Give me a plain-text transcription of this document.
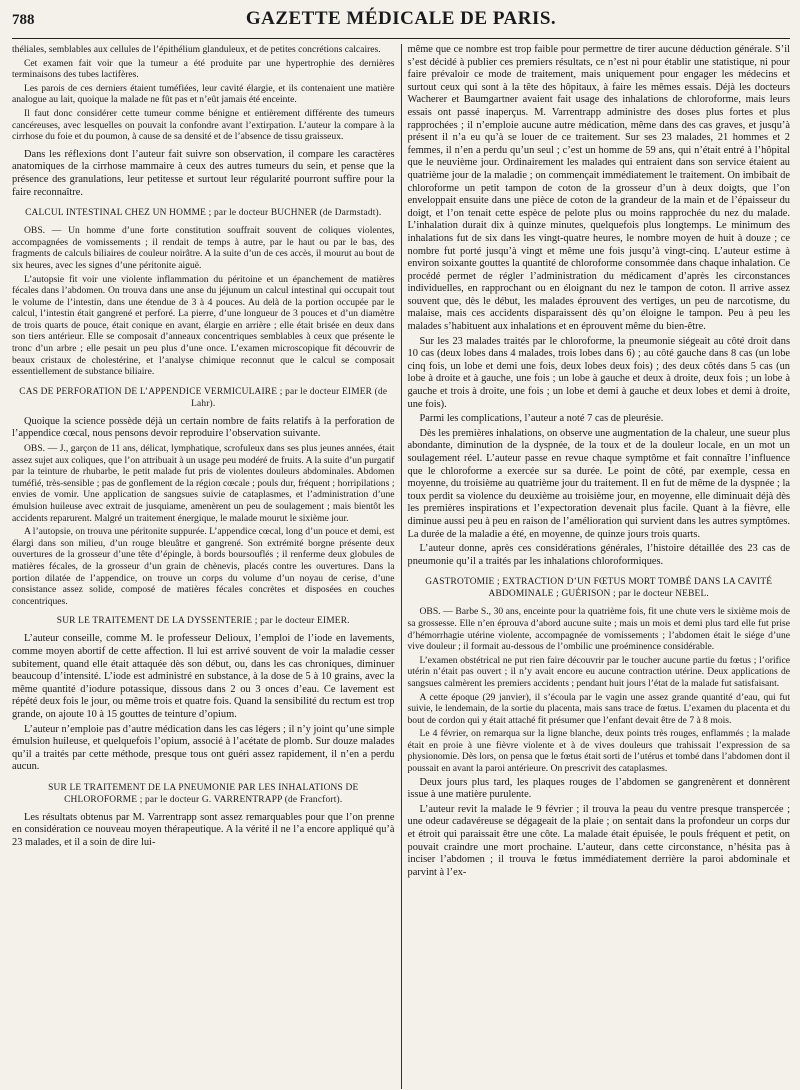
788	GAZETTE MÉDICALE DE PARIS.

théliales, semblables aux cellules de l’épithélium glanduleux, et de petites concrétions calcaires.

Cet examen fait voir que la tumeur a été produite par une hypertrophie des dernières terminaisons des tubes lactifères.

Les parois de ces derniers étaient tuméfiées, leur cavité élargie, et ils contenaient une matière analogue au lait, quoique la malade ne fût pas et n’eût jamais été enceinte.

Il faut donc considérer cette tumeur comme bénigne et entièrement différente des tumeurs cancéreuses, avec lesquelles on pouvait la confondre avant l’extirpation. L’auteur la compare à la cirrhose du foie et du poumon, à cause de sa densité et de l’absence de tissu graisseux.

Dans les réflexions dont l’auteur fait suivre son observation, il compare les caractères anatomiques de la cirrhose mammaire à ceux des autres tumeurs du sein, et pense que la présence des granulations, leur petitesse et surtout leur régularité pourront suffire pour la faire reconnaître.

CALCUL INTESTINAL CHEZ UN HOMME ; par le docteur BUCHNER (de Darmstadt).

OBS. — Un homme d’une forte constitution souffrait souvent de coliques violentes, accompagnées de vomissements ; il rendait de temps à autre, par le haut ou par le bas, des fragments de calculs biliaires de couleur noirâtre. A la suite d’un de ces accès, il mourut au bout de six heures, avec les signes d’une péritonite aiguë.

L’autopsie fit voir une violente inflammation du péritoine et un épanchement de matières fécales dans l’abdomen. On trouva dans une anse du jéjunum un calcul intestinal qui occupait tout le volume de l’intestin, dans une étendue de 3 à 4 pouces. Au delà de la portion occupée par le calcul, l’intestin était gangrené et perforé. La pierre, d’une longueur de 3 pouces et d’un diamètre de trois quarts de pouce, était conique en avant, élargie en arrière ; elle était brisée en deux dans son tiers antérieur. Elle se composait d’anneaux concentriques semblables à ceux que présente le tronc d’un arbre ; elle pesait un peu plus d’une once. L’examen microscopique fit découvrir de beaux cristaux de cholestérine, et l’analyse chimique reconnut que le calcul se composait essentiellement de substance biliaire.

CAS DE PERFORATION DE L’APPENDICE VERMICULAIRE ; par le docteur EIMER (de Lahr).

Quoique la science possède déjà un certain nombre de faits relatifs à la perforation de l’appendice cœcal, nous pensons devoir reproduire l’observation suivante.

OBS. — J., garçon de 11 ans, délicat, lymphatique, scrofuleux dans ses plus jeunes années, était assez sujet aux coliques, que l’on attribuait à un usage peu modéré de fruits. A la suite d’un purgatif par la teinture de rhubarbe, le petit malade fut pris de violentes douleurs abdominales. Abdomen tuméfié, très-sensible ; pas de gonflement de la région cœcale ; pouls dur, fréquent ; horripilations ; envies de vomir. Une application de sangsues suivie de cataplasmes, et l’administration d’une émulsion huileuse avec extrait de jusquiame, amenèrent un peu de soulagement ; mais bientôt les accidents reparurent. Malgré un traitement énergique, le malade mourut le sixième jour.

A l’autopsie, on trouva une péritonite suppurée. L’appendice cœcal, long d’un pouce et demi, est élargi dans son milieu, d’un rouge bleuâtre et gangrené. Son extrémité borgne présente deux ouvertures de la grosseur d’une tête d’épingle, à bords boursouflés ; il renferme deux globules de matières fécales, de la grosseur d’un grain de chènevis, placés contre les ouvertures. Dans la portion dilatée de l’appendice, on trouve un corps du volume d’un noyau de cerise, d’une consistance assez solide, composé de matières fécales concrètes et disposées en couches concentriques.

SUR LE TRAITEMENT DE LA DYSSENTERIE ; par le docteur EIMER.

L’auteur conseille, comme M. le professeur Delioux, l’emploi de l’iode en lavements, comme moyen abortif de cette affection. Il lui est arrivé souvent de voir la maladie cesser subitement, quand elle était attaquée dès son début, ou, dans les cas chroniques, diminuer beaucoup d’intensité. L’iode est administré en substance, à la dose de 5 à 10 grains, avec la même quantité d’iodure potassique, dissous dans 2 ou 3 onces d’eau. Ce lavement est répété deux fois le jour, ou même trois et quatre fois. Quand la sensibilité du rectum est trop grande, on ajoute 10 à 15 gouttes de teinture d’opium.

L’auteur n’emploie pas d’autre médication dans les cas légers ; il n’y joint qu’une simple émulsion huileuse, et quelquefois l’opium, associé à l’acétate de plomb. Sur douze malades qu’il a traités par cette méthode, presque tous ont guéri assez rapidement, il n’en a perdu aucun.

SUR LE TRAITEMENT DE LA PNEUMONIE PAR LES INHALATIONS DE CHLOROFORME ; par le docteur G. VARRENTRAPP (de Francfort).

Les résultats obtenus par M. Varrentrapp sont assez remarquables pour que l’on prenne en considération ce nouveau moyen thérapeutique. A la vérité il ne l’a encore appliqué qu’à 23 malades, et il a soin de dire lui-

même que ce nombre est trop faible pour permettre de tirer aucune déduction générale. S’il s’est décidé à publier ces premiers résultats, ce n’est ni pour établir une statistique, ni pour faire prévaloir ce mode de traitement, mais uniquement pour engager les médecins et surtout ceux qui sont à la tête des hôpitaux, à faire les mêmes essais. Déjà les docteurs Wacherer et Baumgartner avaient fait usage des inhalations de chloroforme, mais leurs essais ont passé inaperçus. M. Varrentrapp administre des doses plus fortes et plus rapprochées ; il n’emploie aucune autre médication, même dans des cas graves, et jusqu’à présent il n’a eu qu’à se louer de ce traitement. Sur ses 23 malades, 21 hommes et 2 femmes, il n’en a perdu qu’un seul ; c’est un homme de 59 ans, qui n’était entré à l’hôpital que le neuvième jour. Ordinairement les malades qui entraient dans son service étaient au quatrième jour de la maladie ; on commençait immédiatement le traitement. On imbibait de chloroforme un petit tampon de coton de la grosseur d’un à deux doigts, que l’on enveloppait ensuite dans une pièce de coton de la grandeur de la main et de l’épaisseur du doigt, et l’on tenait cette espèce de pelote plus ou moins rapprochée du nez du malade. L’inhalation durait dix à quinze minutes, quelquefois plus longtemps. Le minimum des inhalations fut de six dans les vingt-quatre heures, le nombre moyen de huit à douze ; ce nombre fut porté jusqu’à vingt et même une fois jusqu’à vingt-cinq. L’auteur estime à environ soixante gouttes la quantité de chloroforme consommée dans chaque inhalation. Ce procédé permet de régler l’administration du médicament d’après les circonstances individuelles, en rapprochant ou en éloignant du nez le tampon de coton. Il arrive assez souvent que, dès le début, les malades éprouvent des vertiges, un peu de narcotisme, du malaise, mais ces accidents disparaissent dès qu’on éloigne le tampon. Peu à peu les malades s’habituent aux inhalations et en éprouvent même du bien-être.

Sur les 23 malades traités par le chloroforme, la pneumonie siégeait au côté droit dans 10 cas (deux lobes dans 4 malades, trois lobes dans 6) ; au côté gauche dans 8 cas (un lobe cinq fois, un lobe et demi une fois, deux lobes deux fois) ; des deux côtés dans 5 cas (un lobe à droite et à gauche, une fois ; un lobe à gauche et deux à droite, deux fois ; un lobe à gauche et trois à droite, une fois ; un lobe et demi à gauche et deux lobes et demi à droite, une fois).

Parmi les complications, l’auteur a noté 7 cas de pleurésie.

Dès les premières inhalations, on observe une augmentation de la chaleur, une sueur plus abondante, diminution de la dyspnée, de la toux et de la douleur locale, en un mot un soulagement réel. L’auteur passe en revue chaque symptôme et fait connaître l’influence que le chloroforme a exercée sur sa durée. Le point de côté, par exemple, cessa en moyenne, du troisième au quatrième jour du traitement. Il en fut de même de la dyspnée ; la toux perdit sa violence du deuxième au troisième jour, en moyenne, elle diminuait déjà dès les premières inspirations et l’expectoration devenait plus facile. Quant à la fièvre, elle diminue aussi peu à peu en raison de l’amélioration qui survient dans les autres symptômes. La durée de la maladie a été, en moyenne, de quinze jours trois quarts.

L’auteur donne, après ces considérations générales, l’histoire détaillée des 23 cas de pneumonie qu’il a traités par les inhalations chloroformiques.

GASTROTOMIE ; EXTRACTION D’UN FŒTUS MORT TOMBÉ DANS LA CAVITÉ ABDOMINALE ; GUÉRISON ; par le docteur NEBEL.

OBS. — Barbe S., 30 ans, enceinte pour la quatrième fois, fit une chute vers le sixième mois de sa grossesse. Elle n’en éprouva d’abord aucune suite ; mais un mois et demi plus tard elle fut prise d’hémorrhagie utérine violente, accompagnée de vomissements ; l’abdomen était le siége d’une vive douleur ; il formait au-dessous de l’ombilic une proéminence considérable.

L’examen obstétrical ne put rien faire découvrir par le toucher aucune partie du fœtus ; l’orifice utérin n’était pas ouvert ; il n’y avait encore eu aucune contraction utérine. Deux applications de sangsues calmèrent les premiers accidents ; pendant huit jours l’état de la malade fut satisfaisant.

A cette époque (29 janvier), il s’écoula par le vagin une assez grande quantité d’eau, qui fut suivie, le lendemain, de la sortie du placenta, mais sans trace de fœtus. L’examen du placenta et du bout de cordon qui y était attaché fit présumer que l’enfant devait être de 7 à 8 mois.

Le 4 février, on remarqua sur la ligne blanche, deux points très rouges, enflammés ; la malade était en proie à une fièvre violente et à de vives douleurs que trahissait l’expression de sa physionomie. Dès lors, on pensa que le fœtus était sorti de l’utérus et tombé dans l’abdomen dont il poussait en avant la paroi antérieure. On prescrivit des cataplasmes.

Deux jours plus tard, les plaques rouges de l’abdomen se gangrenèrent et donnèrent issue à une matière purulente.

L’auteur revit la malade le 9 février ; il trouva la peau du ventre presque transpercée ; une odeur cadavéreuse se dégageait de la plaie ; on sentait dans la profondeur un corps dur et étroit qui paraissait être une côte. La malade était épuisée, le pouls fréquent et petit, on pouvait craindre une mort prochaine. L’auteur, dans cette circonstance, n’hésita pas à inciser l’abdomen ; il trouva le fœtus immédiatement derrière la paroi abdominale et parvint à l’ex-
